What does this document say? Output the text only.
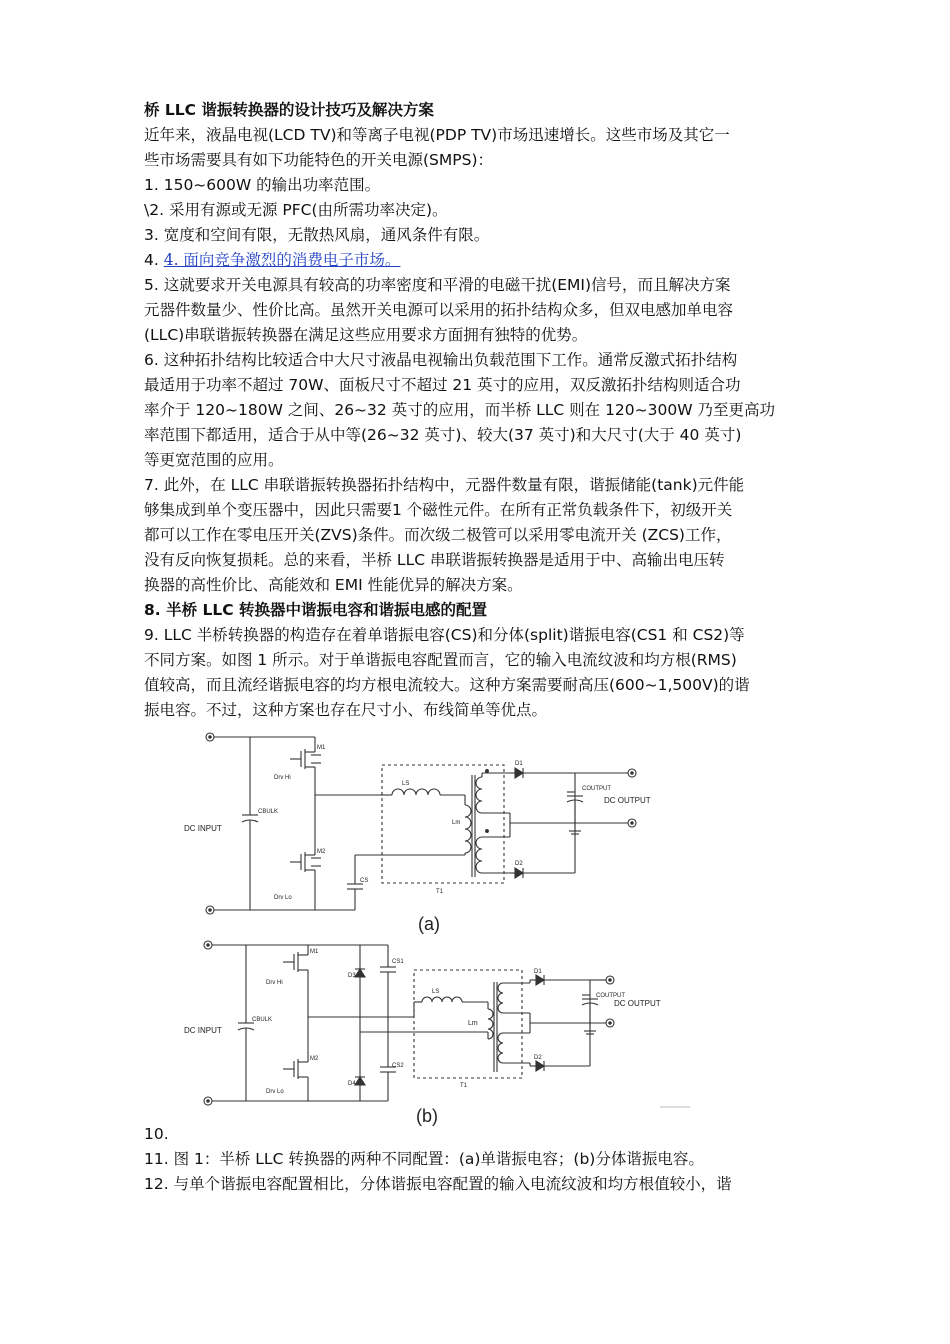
桥 LLC 谐振转换器的设计技巧及解决方案
近年来，液晶电视(LCD TV)和等离子电视(PDP TV)市场迅速增长。这些市场及其它一
些市场需要具有如下功能特色的开关电源(SMPS)：
1. 150~600W 的输出功率范围。
\2. 采用有源或无源 PFC(由所需功率决定)。
3. 宽度和空间有限，无散热风扇，通风条件有限。
4. 4. 面向竞争激烈的消费电子市场。
5. 这就要求开关电源具有较高的功率密度和平滑的电磁干扰(EMI)信号，而且解决方案
元器件数量少、性价比高。虽然开关电源可以采用的拓扑结构众多，但双电感加单电容
(LLC)串联谐振转换器在满足这些应用要求方面拥有独特的优势。
6. 这种拓扑结构比较适合中大尺寸液晶电视输出负载范围下工作。通常反激式拓扑结构
最适用于功率不超过 70W、面板尺寸不超过 21 英寸的应用，双反激拓扑结构则适合功
率介于 120~180W 之间、26~32 英寸的应用，而半桥 LLC 则在 120~300W 乃至更高功
率范围下都适用，适合于从中等(26~32 英寸)、较大(37 英寸)和大尺寸(大于 40 英寸)
等更宽范围的应用。
7. 此外，在 LLC 串联谐振转换器拓扑结构中，元器件数量有限，谐振储能(tank)元件能
够集成到单个变压器中，因此只需要1 个磁性元件。在所有正常负载条件下，初级开关
都可以工作在零电压开关(ZVS)条件。而次级二极管可以采用零电流开关 (ZCS)工作，
没有反向恢复损耗。总的来看，半桥 LLC 串联谐振转换器是适用于中、高输出电压转
换器的高性价比、高能效和 EMI 性能优异的解决方案。
8. 半桥 LLC 转换器中谐振电容和谐振电感的配置
9. LLC 半桥转换器的构造存在着单谐振电容(CS)和分体(split)谐振电容(CS1 和 CS2)等
不同方案。如图 1 所示。对于单谐振电容配置而言，它的输入电流纹波和均方根(RMS)
值较高，而且流经谐振电容的均方根电流较大。这种方案需要耐高压(600~1,500V)的谐
振电容。不过，这种方案也存在尺寸小、布线简单等优点。
DC INPUT
CBULK
M1
Drv Hi
M2
Drv Lo
CS
LS
Lm
T1
D1
D2
COUTPUT
DC OUTPUT
(a)
DC INPUT
CBULK
M1
Drv Hi
M2
Drv Lo
D3
D4
CS1
CS2
LS
Lm
T1
D1
D2
COUTPUT
DC OUTPUT
(b)
10.
11. 图 1：半桥 LLC 转换器的两种不同配置：(a)单谐振电容；(b)分体谐振电容。
12. 与单个谐振电容配置相比，分体谐振电容配置的输入电流纹波和均方根值较小，谐
